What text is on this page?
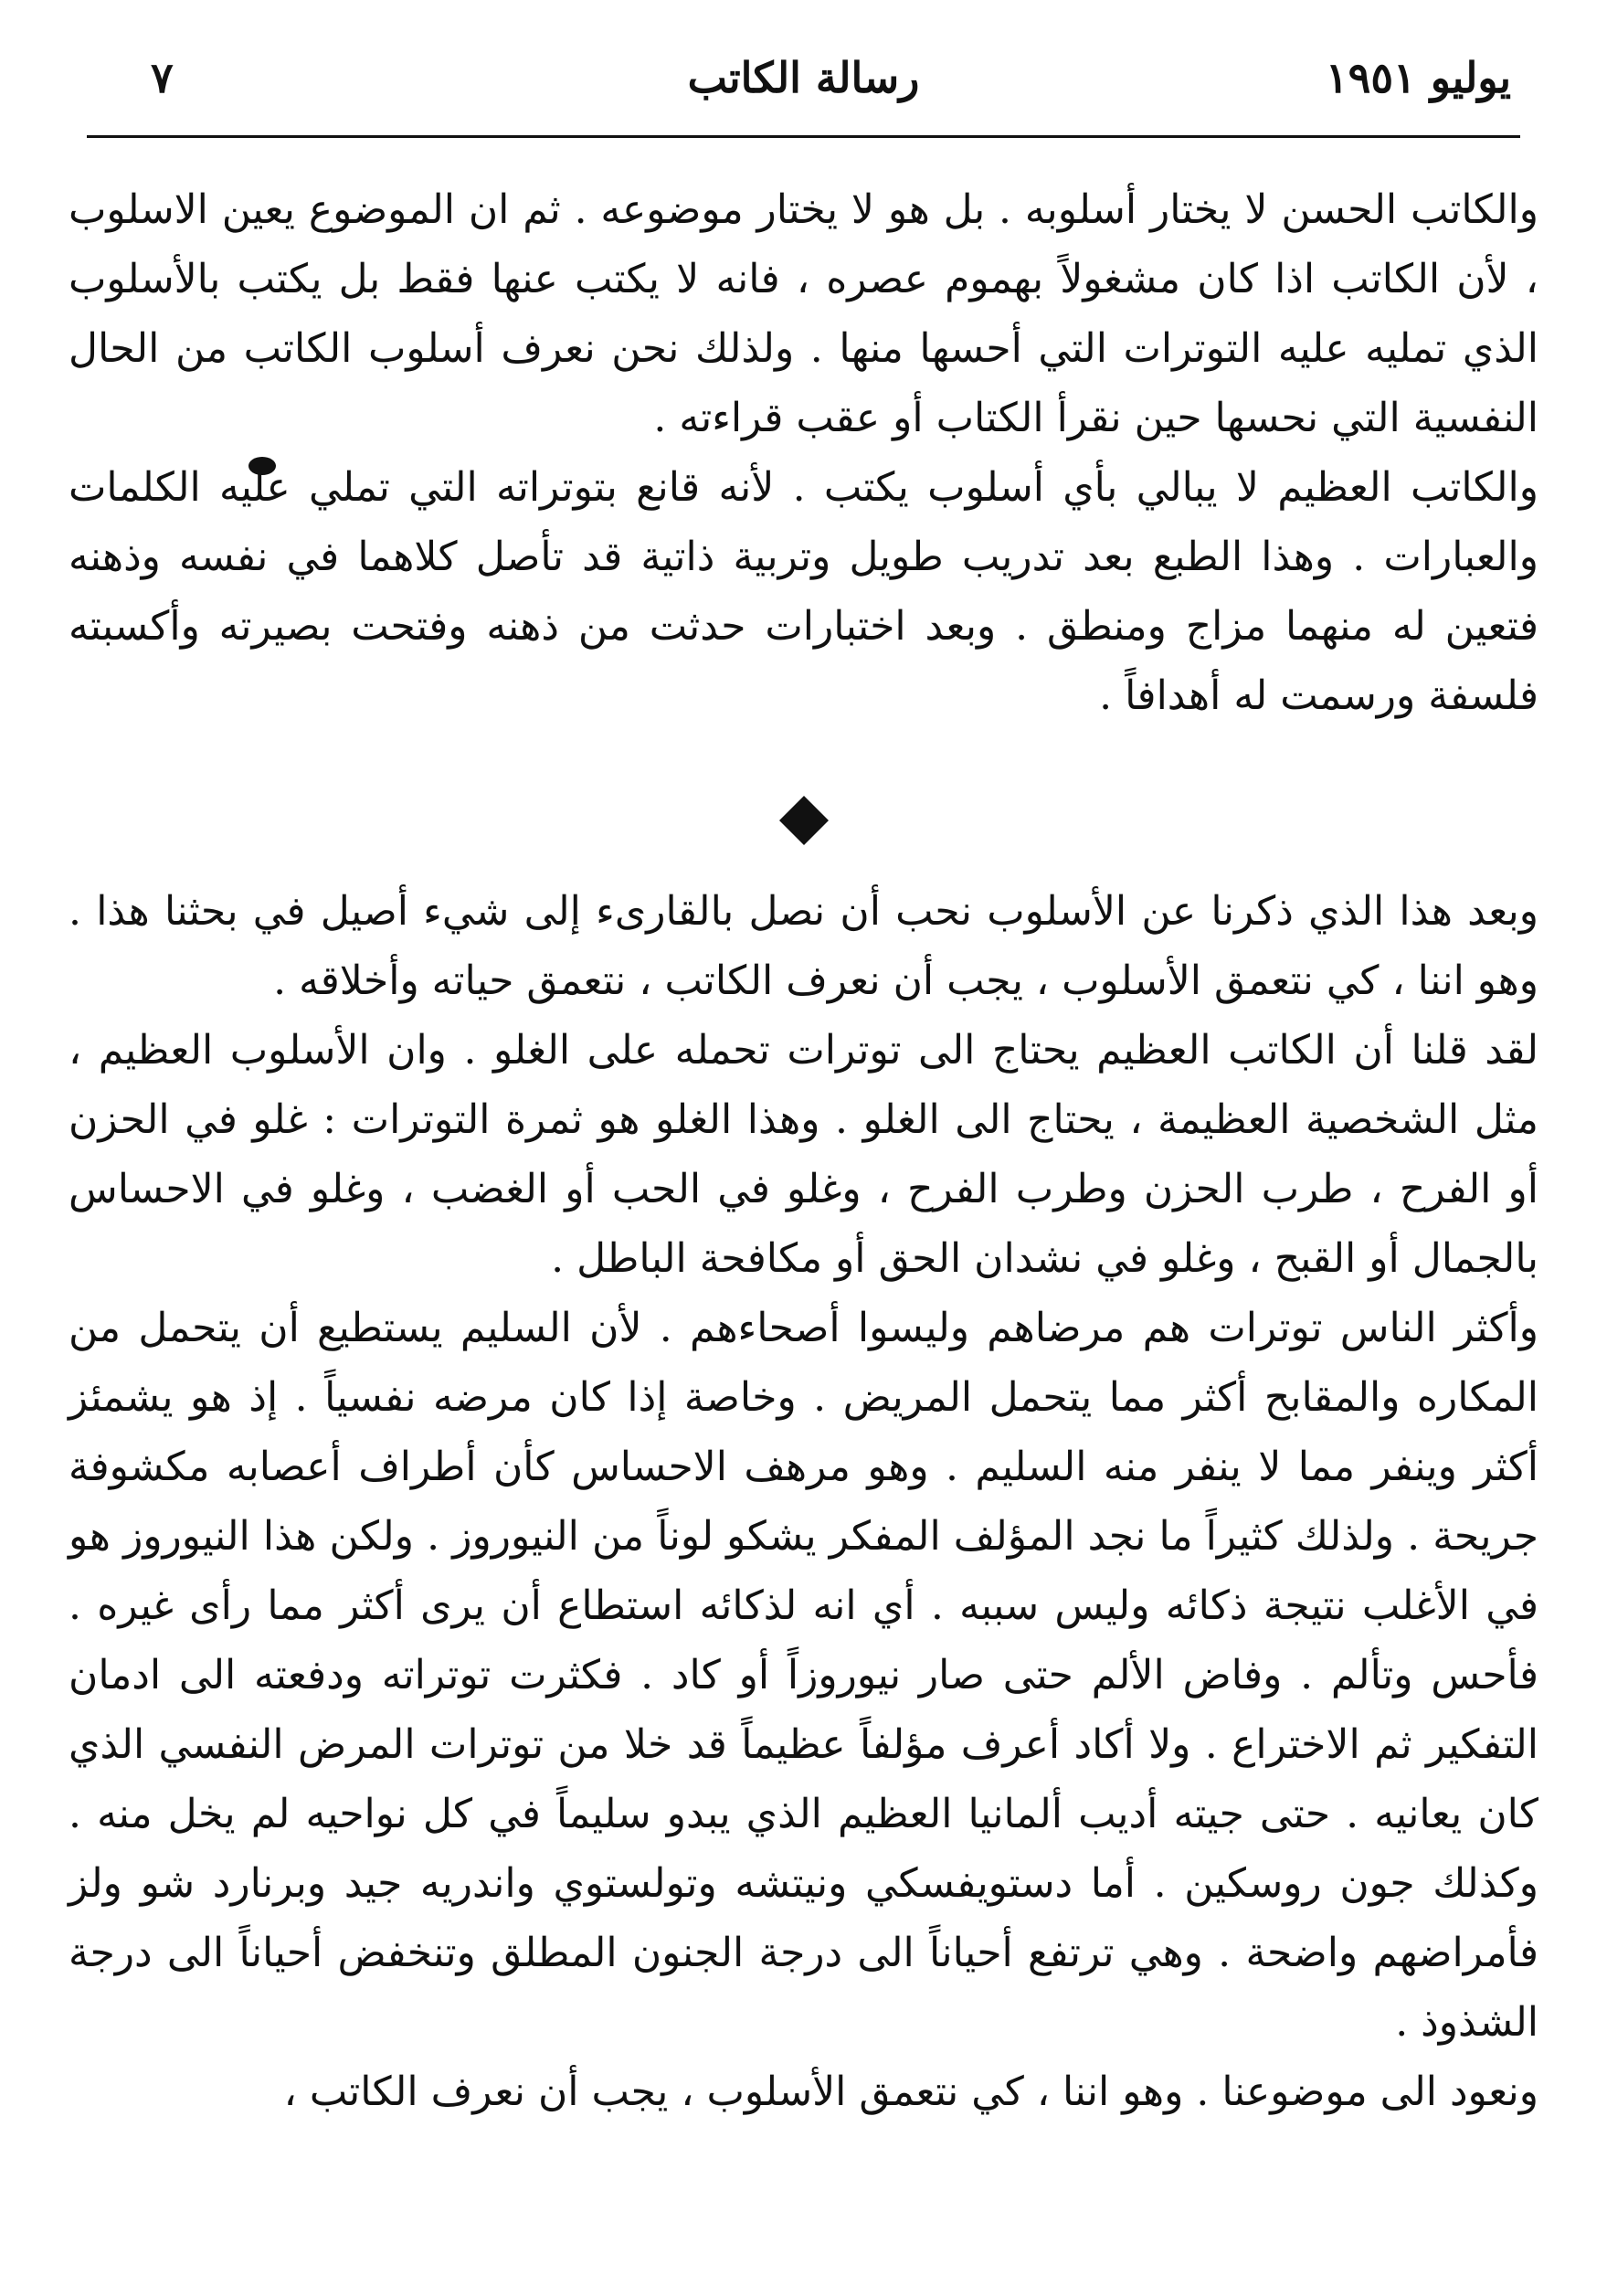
٧	رسالة الكاتب	يوليو ١٩٥١

والكاتب الحسن لا يختار أسلوبه . بل هو لا يختار موضوعه . ثم ان الموضوع يعين الاسلوب ، لأن الكاتب اذا كان مشغولاً بهموم عصره ، فانه لا يكتب عنها فقط بل يكتب بالأسلوب الذي تمليه عليه التوترات التي أحسها منها . ولذلك نحن نعرف أسلوب الكاتب من الحال النفسية التي نحسها حين نقرأ الكتاب أو عقب قراءته .

والكاتب العظيم لا يبالي بأي أسلوب يكتب . لأنه قانع بتوتراته التي تملي عليه الكلمات والعبارات . وهذا الطبع بعد تدريب طويل وتربية ذاتية قد تأصل كلاهما في نفسه وذهنه فتعين له منهما مزاج ومنطق . وبعد اختبارات حدثت من ذهنه وفتحت بصيرته وأكسبته فلسفة ورسمت له أهدافاً .

وبعد هذا الذي ذكرنا عن الأسلوب نحب أن نصل بالقارىء إلى شيء أصيل في بحثنا هذا . وهو اننا ، كي نتعمق الأسلوب ، يجب أن نعرف الكاتب ، نتعمق حياته وأخلاقه .

لقد قلنا أن الكاتب العظيم يحتاج الى توترات تحمله على الغلو . وان الأسلوب العظيم ، مثل الشخصية العظيمة ، يحتاج الى الغلو . وهذا الغلو هو ثمرة التوترات : غلو في الحزن أو الفرح ، طرب الحزن وطرب الفرح ، وغلو في الحب أو الغضب ، وغلو في الاحساس بالجمال أو القبح ، وغلو في نشدان الحق أو مكافحة الباطل .

وأكثر الناس توترات هم مرضاهم وليسوا أصحاءهم . لأن السليم يستطيع أن يتحمل من المكاره والمقابح أكثر مما يتحمل المريض . وخاصة إذا كان مرضه نفسياً . إذ هو يشمئز أكثر وينفر مما لا ينفر منه السليم . وهو مرهف الاحساس كأن أطراف أعصابه مكشوفة جريحة . ولذلك كثيراً ما نجد المؤلف المفكر يشكو لوناً من النيوروز . ولكن هذا النيوروز هو في الأغلب نتيجة ذكائه وليس سببه . أي انه لذكائه استطاع أن يرى أكثر مما رأى غيره . فأحس وتألم . وفاض الألم حتى صار نيوروزاً أو كاد . فكثرت توتراته ودفعته الى ادمان التفكير ثم الاختراع . ولا أكاد أعرف مؤلفاً عظيماً قد خلا من توترات المرض النفسي الذي كان يعانيه . حتى جيته أديب ألمانيا العظيم الذي يبدو سليماً في كل نواحيه لم يخل منه . وكذلك جون روسكين . أما دستويفسكي ونيتشه وتولستوي واندريه جيد وبرنارد شو ولز فأمراضهم واضحة . وهي ترتفع أحياناً الى درجة الجنون المطلق وتنخفض أحياناً الى درجة الشذوذ .

ونعود الى موضوعنا . وهو اننا ، كي نتعمق الأسلوب ، يجب أن نعرف الكاتب ،
